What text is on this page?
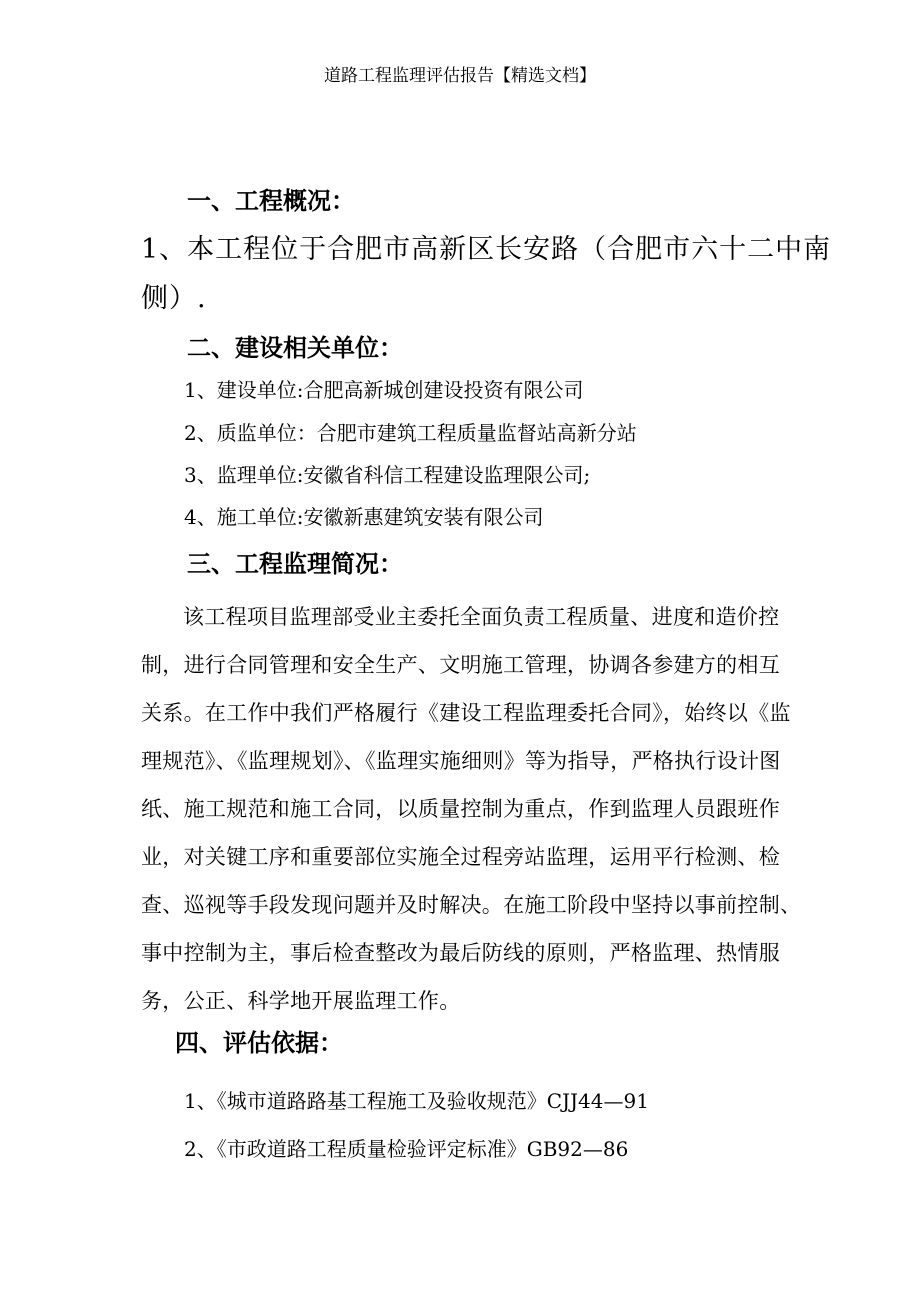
道路工程监理评估报告【精选文档】
一、工程概况：
1、本工程位于合肥市高新区长安路（合肥市六十二中南
侧）.
二、建设相关单位：
1、建设单位:合肥高新城创建设投资有限公司
2、质监单位：合肥市建筑工程质量监督站高新分站
3、监理单位:安徽省科信工程建设监理限公司;
4、施工单位:安徽新惠建筑安装有限公司
三、工程监理简况：
该工程项目监理部受业主委托全面负责工程质量、进度和造价控
制，进行合同管理和安全生产、文明施工管理，协调各参建方的相互
关系。在工作中我们严格履行《建设工程监理委托合同》，始终以《监
理规范》、《监理规划》、《监理实施细则》等为指导，严格执行设计图
纸、施工规范和施工合同，以质量控制为重点，作到监理人员跟班作
业，对关键工序和重要部位实施全过程旁站监理，运用平行检测、检
查、巡视等手段发现问题并及时解决。在施工阶段中坚持以事前控制、
事中控制为主，事后检查整改为最后防线的原则，严格监理、热情服
务，公正、科学地开展监理工作。
四、评估依据：
1、《城市道路路基工程施工及验收规范》CJJ44—91
2、《市政道路工程质量检验评定标准》GB92—86
